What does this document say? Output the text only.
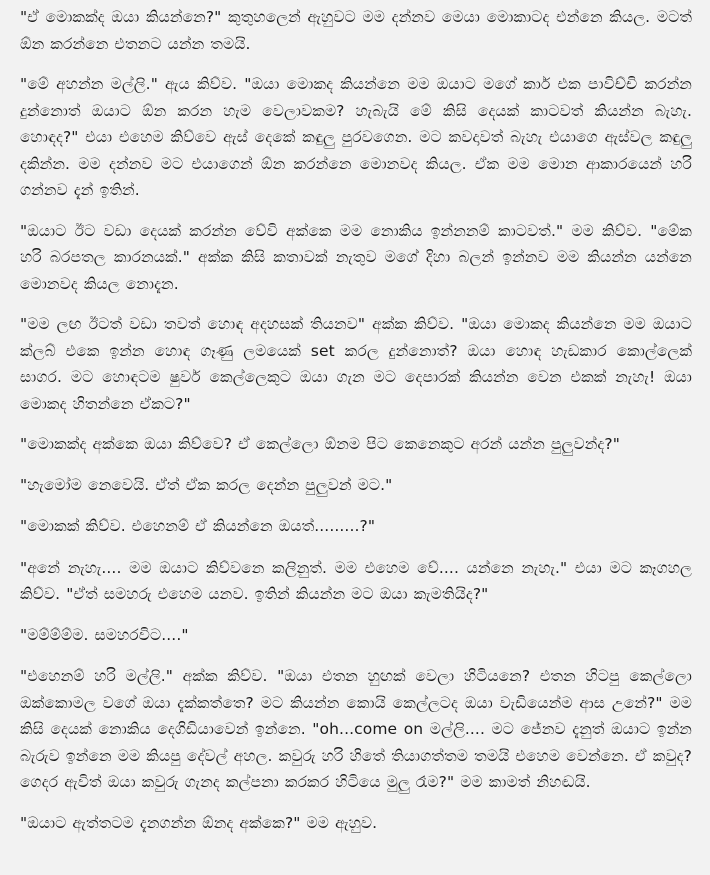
"ඒ මොකක්ද ඔයා කියන්නෙ?" කුතුහලෙන් ඇහුවට මම දන්නව මෙයා මොකාටද එන්නෙ කියල. මටත් ඕන කරන්නෙ එතනට යන්න තමයි.

"මේ අහන්න මල්ලි." ඇය කිව්ව. "ඔයා මොකද කියන්නෙ මම ඔයාට මගේ කාර් එක පාවිච්චි කරන්න දුන්නොත් ඔයාට ඕන කරන හැම වෙලාවකම? හැබැයි මේ කිසි දෙයක් කාටවත් කියන්න බැහැ. හොඳද?" එයා එහෙම කිව්වෙ ඇස් දෙකේ කඳුලු පුරවගෙන. මට කවදාවත් බැහැ එයාගෙ ඇස්වල කඳුලු දකින්න. මම දන්නව මට එයාගෙන් ඕන කරන්නෙ මොනවද කියල. ඒක මම මොන ආකාරයෙන් හරි ගන්නව දැන් ඉතින්.

"ඔයාට ඊට වඩා දෙයක් කරන්න වේවි අක්කෙ මම නොකිය ඉන්නනම් කාටවත්." මම කිව්ව. "මේක හරි බරපතල කාරනයක්." අක්ක කිසි කතාවක් නැතුව මගේ දිහා බලන් ඉන්නව මම කියන්න යන්නෙ මොනවද කියල නොදැන.

"මම ලඟ ඊටත් වඩා තවත් හොඳ අදහසක් තියනව" අක්ක කිව්ව. "ඔයා මොකද කියන්නෙ මම ඔයාට ක්ලබ් එකෙ ඉන්න හොඳ ගෑණු ලමයෙක් set කරල දුන්නොත්? ඔයා හොඳ හැඩකාර කොල්ලෙක් සාගර. මට හොඳටම ෂුවර් කෙල්ලෙකුට ඔයා ගැන මට දෙපාරක් කියන්න වෙන එකක් නැහැ! ඔයා මොකද හිතන්නෙ ඒකට?"

"මොකක්ද අක්කෙ ඔයා කිව්වෙ? ඒ කෙල්ලො ඕනම පිට කෙනෙකුට අරන් යන්න පුලුවන්ද?"

"හැමෝම නෙවෙයි. ඒත් ඒක කරල දෙන්න පුලුවන් මට."

"මොකක් කිව්ව. එහෙනම් ඒ කියන්නෙ ඔයත්.........?"

"අනේ නැහැ.... මම ඔයාට කිව්වනෙ කලිනුත්. මම එහෙම වේ.... යන්නෙ නැහැ." එයා මට කෑගහල කිව්ව. "ඒත් සමහරු එහෙම යනව. ඉතින් කියන්න මට ඔයා කැමතියිද?"

"මම්ම්ම්ම. සමහරවිට...."

"එහෙනම් හරි මල්ලි." අක්ක කිව්ව. "ඔයා එතන හුඟක් වෙලා හිටියනෙ? එතන හිටපු කෙල්ලො ඔක්කොමල වගේ ඔයා දැක්කත්තෙ? මට කියන්න කොයි කෙල්ලටද ඔයා වැඩියෙන්ම ආස උනේ?" මම කිසි දෙයක් නොකිය දෙගිඩියාවෙන් ඉන්නෙ. "oh...come on මල්ලි.... මට ජේනව දැනුත් ඔයාට ඉන්න බැරුව ඉන්නෙ මම කියපු දේවල් අහල. කවුරු හරි හිතේ තියාගත්තම තමයි එහෙම වෙන්නෙ. ඒ කවුද? ගෙදර ඇවිත් ඔයා කවුරු ගැනද කල්පනා කරකර හිටියෙ මුලු රෑම?" මම කාමත් නිහඬයි.

"ඔයාට ඇත්තටම දැනගන්න ඕනද අක්කෙ?" මම ඇහුව.
